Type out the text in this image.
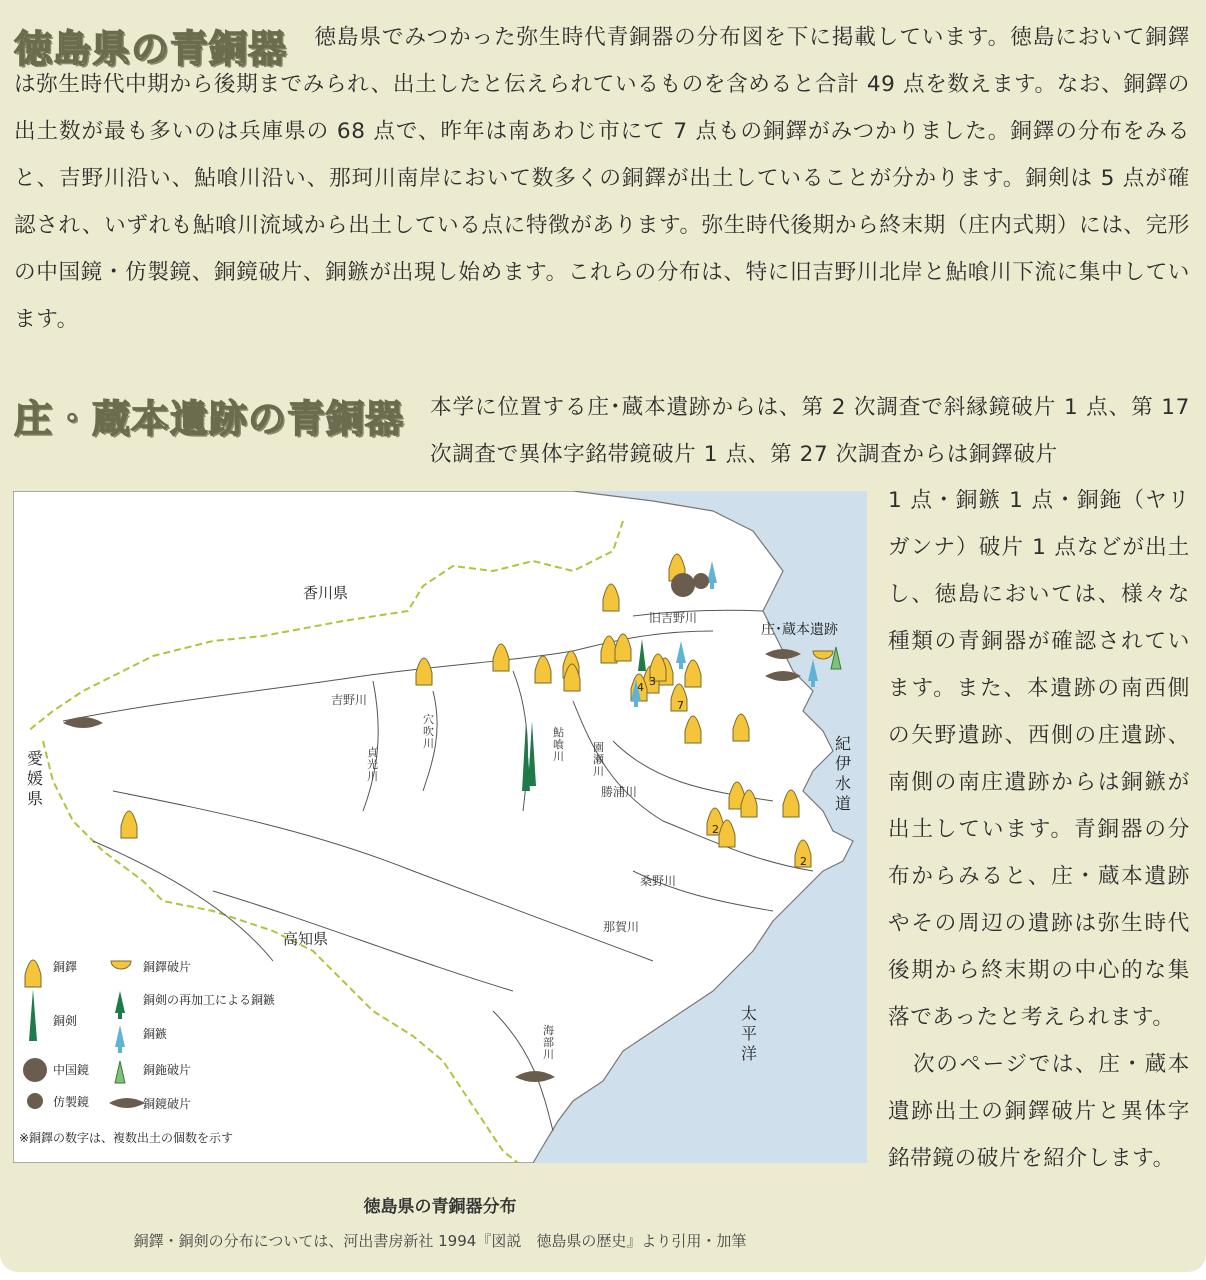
徳島県の青銅器	徳島県でみつかった弥生時代青銅器の分布図を下に掲載しています。徳島において銅鐸は弥生時代中期から後期までみられ、出土したと伝えられているものを含めると合計 49 点を数えます。なお、銅鐸の出土数が最も多いのは兵庫県の 68 点で、昨年は南あわじ市にて 7 点もの銅鐸がみつかりました。銅鐸の分布をみると、吉野川沿い、鮎喰川沿い、那珂川南岸において数多くの銅鐸が出土していることが分かります。銅剣は 5 点が確認され、いずれも鮎喰川流域から出土している点に特徴があります。弥生時代後期から終末期（庄内式期）には、完形の中国鏡・仿製鏡、銅鏡破片、銅鏃が出現し始めます。これらの分布は、特に旧吉野川北岸と鮎喰川下流に集中しています。
庄・蔵本遺跡の青銅器 本学に位置する庄･蔵本遺跡からは、第 2 次調査で斜縁鏡破片 1 点、第 17 次調査で異体字銘帯鏡破片 1 点、第 27 次調査からは銅鐸破片
1 点・銅鏃 1 点・銅鉇（ヤリガンナ）破片 1 点などが出土し、徳島においては、様々な種類の青銅器が確認されています。また、本遺跡の南西側の矢野遺跡、西側の庄遺跡、南側の南庄遺跡からは銅鏃が出土しています。青銅器の分布からみると、庄・蔵本遺跡やその周辺の遺跡は弥生時代後期から終末期の中心的な集落であったと考えられます。
次のページでは、庄・蔵本遺跡出土の銅鐸破片と異体字銘帯鏡の破片を紹介します。
香川県
高知県
庄･蔵本遺跡
吉野川
旧吉野川
勝浦川
那賀川
桑野川
愛
媛
県
紀
伊
水
道
太
平
洋
穴
吹
川
貞
光
川
鮎
喰
川
園
瀬
川
海
部
川
3
4
7
2
2
銅鐸	銅鐸破片
銅剣
銅剣の再加工による銅鏃
銅鏃
中国鏡	銅鉇破片
仿製鏡	銅鏡破片
※銅鐸の数字は、複数出土の個数を示す
徳島県の青銅器分布
銅鐸・銅剣の分布については、河出書房新社 1994『図説　徳島県の歴史』より引用・加筆
